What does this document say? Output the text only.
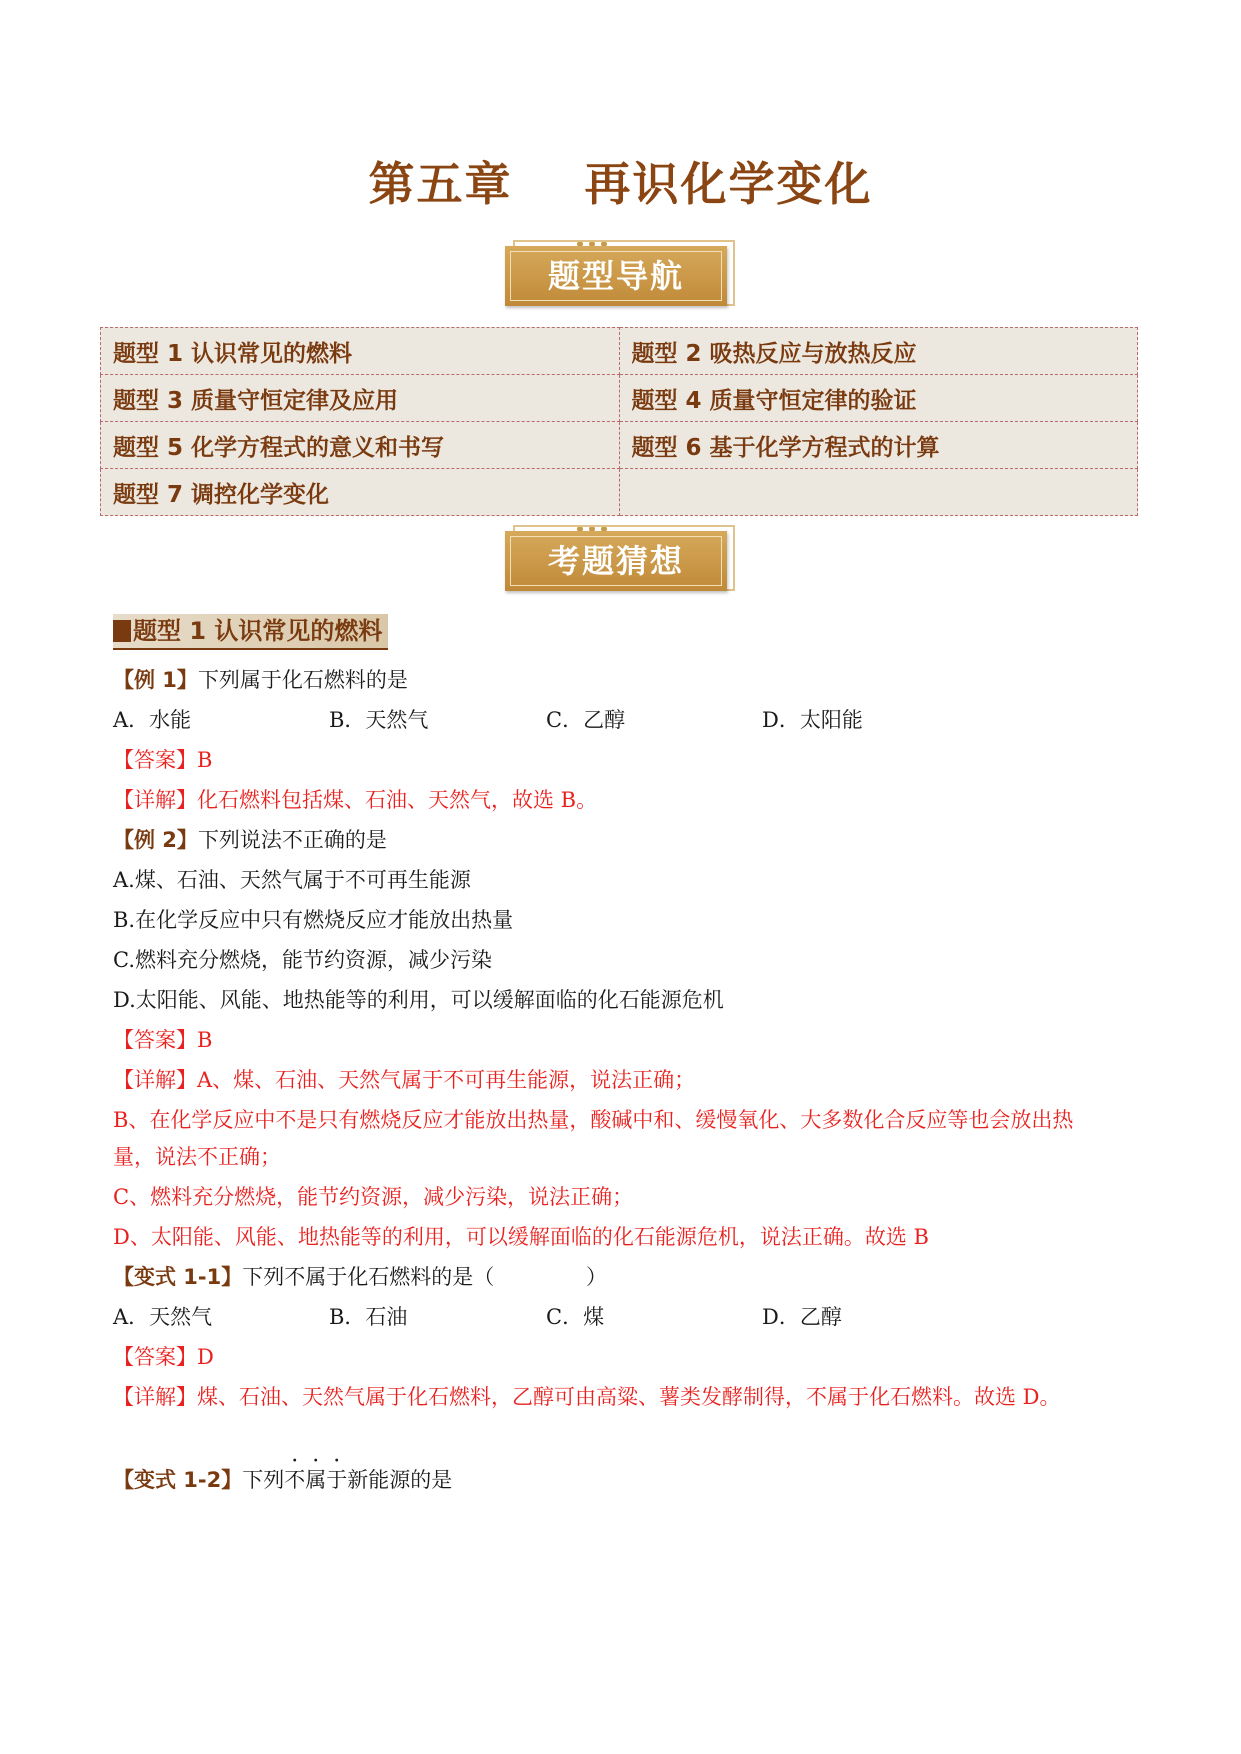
第五章    再识化学变化
题型导航
题型 1 认识常见的燃料	题型 2 吸热反应与放热反应
题型 3 质量守恒定律及应用	题型 4 质量守恒定律的验证
题型 5 化学方程式的意义和书写	题型 6 基于化学方程式的计算
题型 7 调控化学变化	
考题猜想
题型 1 认识常见的燃料
【例 1】下列属于化石燃料的是
A．水能	B．天然气	C．乙醇	D．太阳能
【答案】B
【详解】化石燃料包括煤、石油、天然气，故选 B。
【例 2】下列说法不正确的是
A.煤、石油、天然气属于不可再生能源
B.在化学反应中只有燃烧反应才能放出热量
C.燃料充分燃烧，能节约资源，减少污染
D.太阳能、风能、地热能等的利用，可以缓解面临的化石能源危机
【答案】B
【详解】A、煤、石油、天然气属于不可再生能源，说法正确；
B、在化学反应中不是只有燃烧反应才能放出热量，酸碱中和、缓慢氧化、大多数化合反应等也会放出热
量，说法不正确；
C、燃料充分燃烧，能节约资源，减少污染，说法正确；
D、太阳能、风能、地热能等的利用，可以缓解面临的化石能源危机，说法正确。故选 B
【变式 1-1】下列不属于化石燃料的是（	）
A．天然气	B．石油	C．煤	D．乙醇
【答案】D
【详解】煤、石油、天然气属于化石燃料，乙醇可由高粱、薯类发酵制得，不属于化石燃料。故选 D。
【变式 1-2】下列不属于新能源的是
